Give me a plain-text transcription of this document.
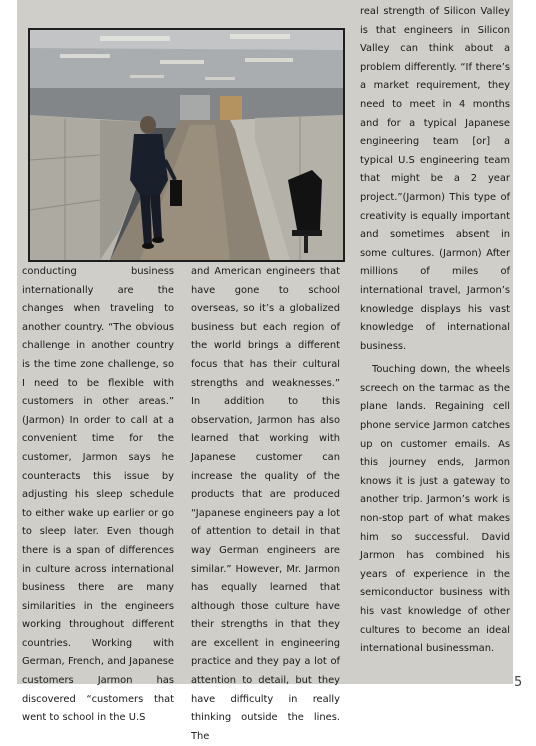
conducting business internationally are the changes when traveling to another country. “The obvious challenge in another country is the time zone challenge, so I need to be flexible with customers in other areas.” (Jarmon) In order to call at a convenient time for the customer, Jarmon says he counteracts this issue by adjusting his sleep schedule to either wake up earlier or go to sleep later. Even though there is a span of differences in culture across international business there are many similarities in the engineers working throughout different countries. Working with German, French, and Japanese customers Jarmon has discovered “customers that went to school in the U.S

and American engineers that have gone to school overseas, so it’s a globalized business but each region of the world brings a different focus that has their cultural strengths and weaknesses.” In addition to this observation, Jarmon has also learned that working with Japanese customer can increase the quality of the products that are produced “Japanese engineers pay a lot of attention to detail in that way German engineers are similar.” However, Mr. Jarmon has equally learned that although those culture have their strengths in that they are excellent in engineering practice and they pay a lot of attention to detail, but they have difficulty in really thinking outside the lines. The

real strength of Silicon Valley is that engineers in Silicon Valley can think about a problem differently. “If there’s a market requirement, they need to meet in 4 months and for a typical Japanese engineering team [or] a typical U.S engineering team that might be a 2 year project.”(Jarmon) This type of creativity is equally important and sometimes absent in some cultures. (Jarmon) After millions of miles of international travel, Jarmon’s knowledge displays his vast knowledge of international business.

Touching down, the wheels screech on the tarmac as the plane lands. Regaining cell phone service Jarmon catches up on customer emails. As this journey ends, Jarmon knows it is just a gateway to another trip. Jarmon’s work is non-stop part of what makes him so successful. David Jarmon has combined his years of experience in the semiconductor business with his vast knowledge of other cultures to become an ideal international businessman.

5
